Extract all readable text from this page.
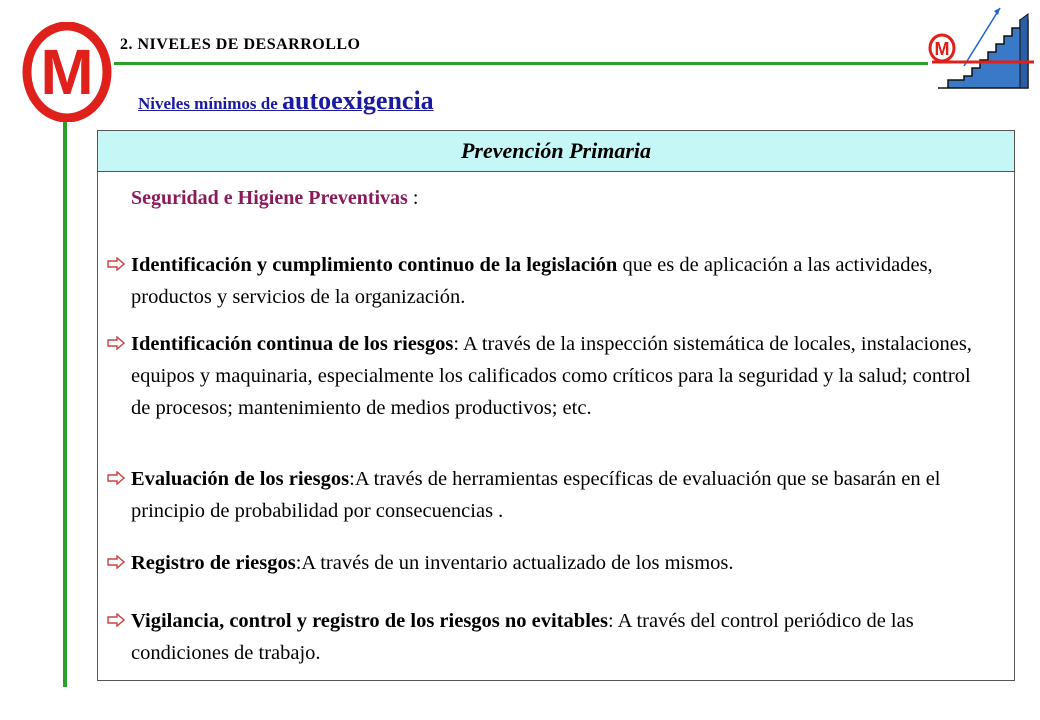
M 2. NIVELES DE DESARROLLO
Niveles mínimos de autoexigencia
M
Prevención Primaria
Seguridad e Higiene Preventivas :
Identificación y cumplimiento continuo de la legislación que es de aplicación a las actividades, productos y servicios de la organización.
Identificación continua de los riesgos: A través de la inspección sistemática de locales, instalaciones, equipos y maquinaria, especialmente los calificados como críticos para la seguridad y la salud; control de procesos; mantenimiento de medios productivos; etc.
Evaluación de los riesgos:A través de herramientas específicas de evaluación que se basarán en el principio de probabilidad por consecuencias .
Registro de riesgos:A través de un inventario actualizado de los mismos.
Vigilancia, control y registro de los riesgos no evitables: A través del control periódico de las condiciones de trabajo.
